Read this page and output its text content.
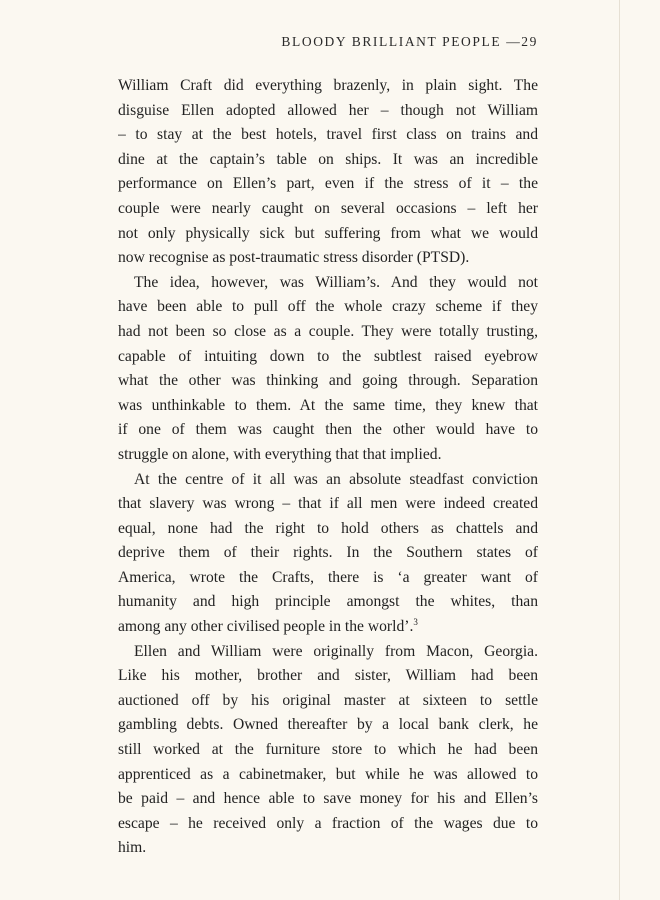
BLOODY BRILLIANT PEOPLE —29

William Craft did everything brazenly, in plain sight. The
disguise Ellen adopted allowed her – though not William
– to stay at the best hotels, travel first class on trains and
dine at the captain’s table on ships. It was an incredible
performance on Ellen’s part, even if the stress of it – the
couple were nearly caught on several occasions – left her
not only physically sick but suffering from what we would
now recognise as post-traumatic stress disorder (PTSD).

The idea, however, was William’s. And they would not
have been able to pull off the whole crazy scheme if they
had not been so close as a couple. They were totally trusting,
capable of intuiting down to the subtlest raised eyebrow
what the other was thinking and going through. Separation
was unthinkable to them. At the same time, they knew that
if one of them was caught then the other would have to
struggle on alone, with everything that that implied.

At the centre of it all was an absolute steadfast conviction
that slavery was wrong – that if all men were indeed created
equal, none had the right to hold others as chattels and
deprive them of their rights. In the Southern states of
America, wrote the Crafts, there is ‘a greater want of
humanity and high principle amongst the whites, than
among any other civilised people in the world’.$^3$

Ellen and William were originally from Macon, Georgia.
Like his mother, brother and sister, William had been
auctioned off by his original master at sixteen to settle
gambling debts. Owned thereafter by a local bank clerk, he
still worked at the furniture store to which he had been
apprenticed as a cabinetmaker, but while he was allowed to
be paid – and hence able to save money for his and Ellen’s
escape – he received only a fraction of the wages due to
him.
